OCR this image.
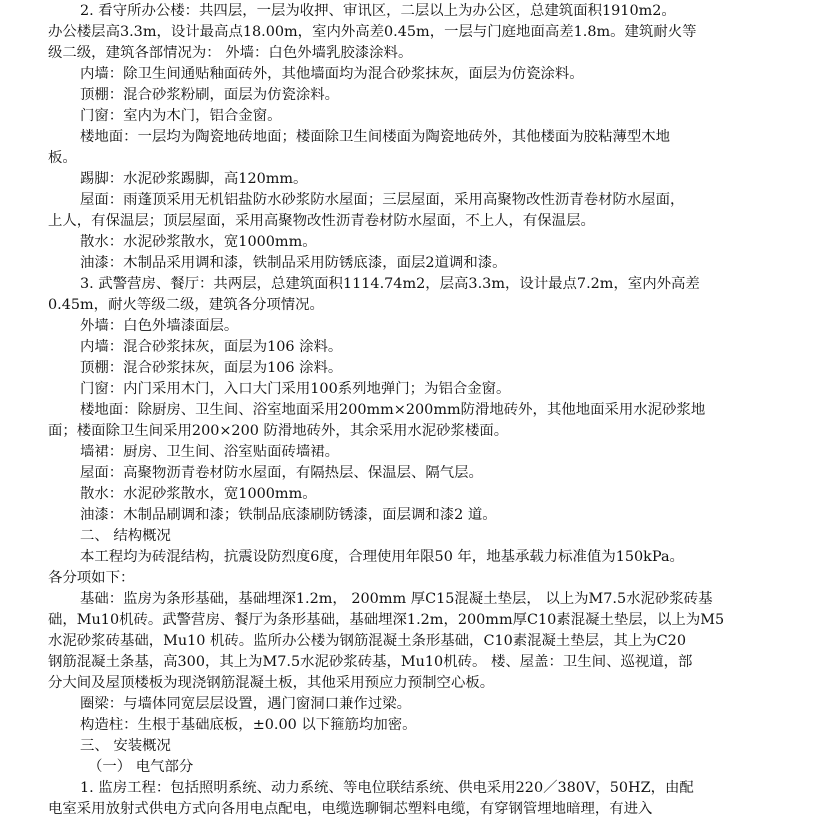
2. 看守所办公楼：共四层，一层为收押、审讯区，二层以上为办公区，总建筑面积1910m2。
办公楼层高3.3m，设计最高点18.00m，室内外高差0.45m，一层与门庭地面高差1.8m。建筑耐火等
级二级，建筑各部情况为： 外墙：白色外墙乳胶漆涂料。
内墙：除卫生间通贴釉面砖外，其他墙面均为混合砂浆抹灰，面层为仿瓷涂料。
顶棚：混合砂浆粉刷，面层为仿瓷涂料。
门窗：室内为木门，铝合金窗。
楼地面：一层均为陶瓷地砖地面；楼面除卫生间楼面为陶瓷地砖外，其他楼面为胶粘薄型木地
板。
踢脚：水泥砂浆踢脚，高120mm。
屋面：雨蓬顶采用无机铝盐防水砂浆防水屋面；三层屋面，采用高聚物改性沥青卷材防水屋面，
上人，有保温层；顶层屋面，采用高聚物改性沥青卷材防水屋面，不上人，有保温层。
散水：水泥砂浆散水，宽1000mm。
油漆：木制品采用调和漆，铁制品采用防锈底漆，面层2道调和漆。
3. 武警营房、餐厅：共两层，总建筑面积1114.74m2，层高3.3m，设计最点7.2m，室内外高差
0.45m，耐火等级二级，建筑各分项情况。
外墙：白色外墙漆面层。
内墙：混合砂浆抹灰，面层为106 涂料。
顶棚：混合砂浆抹灰，面层为106 涂料。
门窗：内门采用木门，入口大门采用100系列地弹门；为铝合金窗。
楼地面：除厨房、卫生间、浴室地面采用200mm×200mm防滑地砖外，其他地面采用水泥砂浆地
面；楼面除卫生间采用200×200 防滑地砖外，其余采用水泥砂浆楼面。
墙裙：厨房、卫生间、浴室贴面砖墙裙。
屋面：高聚物沥青卷材防水屋面，有隔热层、保温层、隔气层。
散水：水泥砂浆散水，宽1000mm。
油漆：木制品刷调和漆；铁制品底漆刷防锈漆，面层调和漆2 道。
二、 结构概况
本工程均为砖混结构，抗震设防烈度6度，合理使用年限50 年，地基承载力标准值为150kPa。
各分项如下：
基础：监房为条形基础，基础埋深1.2m， 200mm 厚C15混凝土垫层， 以上为M7.5水泥砂浆砖基
础，Mu10机砖。武警营房、餐厅为条形基础，基础埋深1.2m，200mm厚C10素混凝土垫层，以上为M5
水泥砂浆砖基础，Mu10 机砖。监所办公楼为钢筋混凝土条形基础，C10素混凝土垫层，其上为C20
钢筋混凝土条基，高300，其上为M7.5水泥砂浆砖基，Mu10机砖。 楼、屋盖：卫生间、巡视道，部
分大间及屋顶楼板为现浇钢筋混凝土板，其他采用预应力预制空心板。
圈梁：与墙体同宽层层设置，遇门窗洞口兼作过梁。
构造柱：生根于基础底板，±0.00 以下箍筋均加密。
三、 安装概况
（一） 电气部分
1. 监房工程：包括照明系统、动力系统、等电位联结系统、供电采用220／380V，50HZ，由配
电室采用放射式供电方式向各用电点配电，电缆选聊铜芯塑料电缆，有穿钢管埋地暗理，有进入
